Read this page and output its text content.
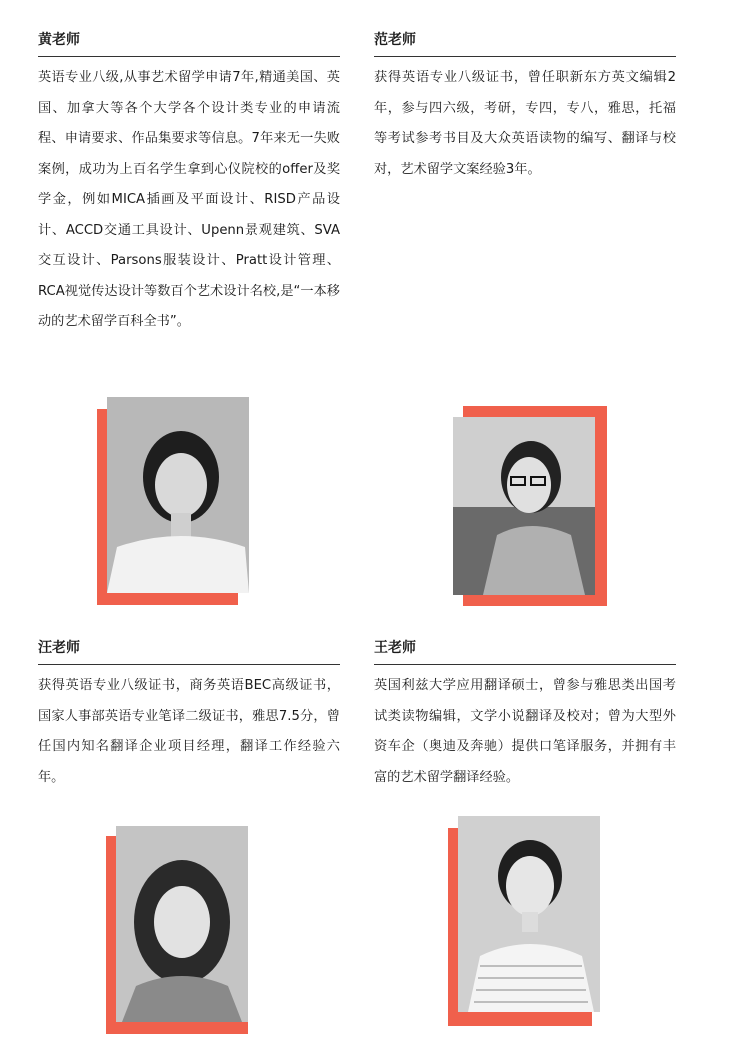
黄老师
英语专业八级,从事艺术留学申请7年,精通美国、英国、加拿大等各个大学各个设计类专业的申请流程、申请要求、作品集要求等信息。7年来无一失败案例，成功为上百名学生拿到心仪院校的offer及奖学金，例如MICA插画及平面设计、RISD产品设计、ACCD交通工具设计、Upenn景观建筑、SVA交互设计、Parsons服装设计、Pratt设计管理、RCA视觉传达设计等数百个艺术设计名校,是“一本移动的艺术留学百科全书”。
范老师
获得英语专业八级证书，曾任职新东方英文编辑2年，参与四六级，考研，专四，专八，雅思，托福等考试参考书目及大众英语读物的编写、翻译与校对，艺术留学文案经验3年。
汪老师
获得英语专业八级证书，商务英语BEC高级证书，国家人事部英语专业笔译二级证书，雅思7.5分，曾任国内知名翻译企业项目经理，翻译工作经验六年。
王老师
英国利兹大学应用翻译硕士，曾参与雅思类出国考试类读物编辑，文学小说翻译及校对；曾为大型外资车企（奥迪及奔驰）提供口笔译服务，并拥有丰富的艺术留学翻译经验。
